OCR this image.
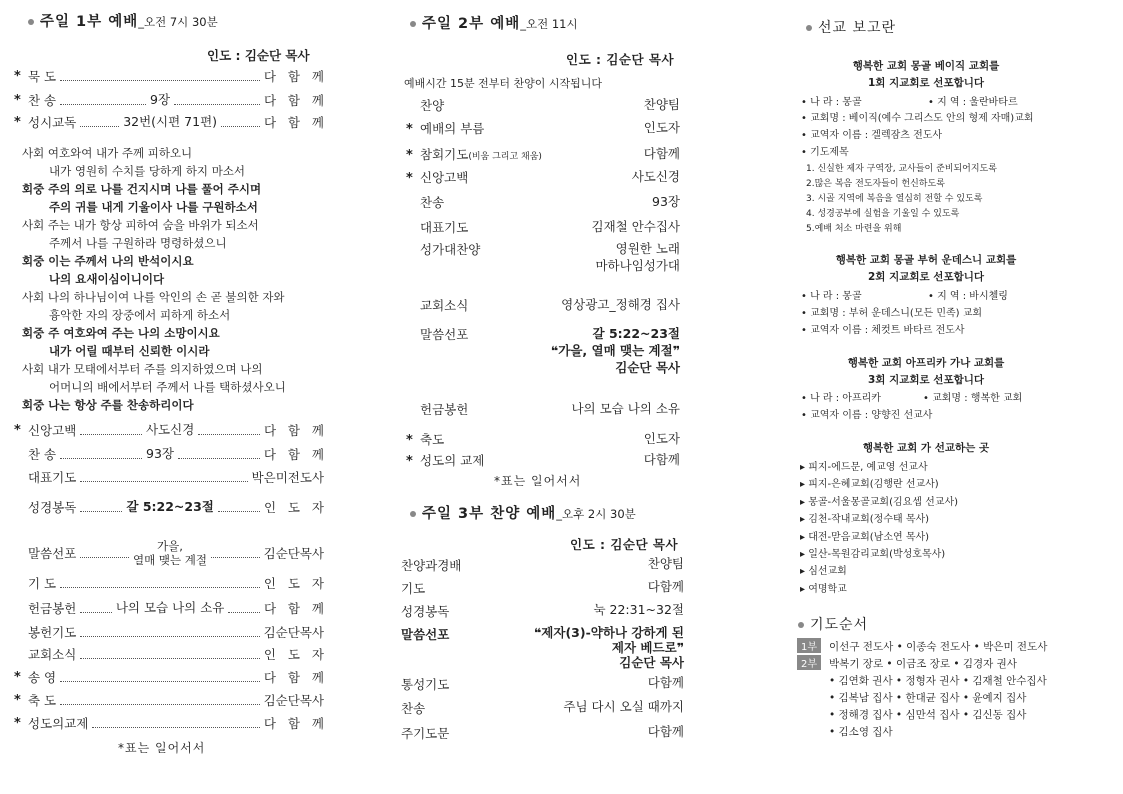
주일 1부 예배_오전 7시 30분
인도 : 김순단 목사
* 묵 도	다   함   께
* 찬 송	9장	다   함   께
* 성시교독	32번(시편 71편)	다   함   께
사회 여호와여 내가 주께 피하오니
내가 영원히 수치를 당하게 하지 마소서
회중 주의 의로 나를 건지시며 나를 풀어 주시며
주의 귀를 내게 기울이사 나를 구원하소서
사회 주는 내가 항상 피하여 숨을 바위가 되소서
주께서 나를 구원하라 명령하셨으니
회중 이는 주께서 나의 반석이시요
나의 요새이심이니이다
사회 나의 하나님이여 나를 악인의 손 곧 불의한 자와
흉악한 자의 장중에서 피하게 하소서
회중 주 여호와여 주는 나의 소망이시요
내가 어릴 때부터 신뢰한 이시라
사회 내가 모태에서부터 주를 의지하였으며 나의
어머니의 배에서부터 주께서 나를 택하셨사오니
회중 나는 항상 주를 찬송하리이다
* 신앙고백	사도신경	다   함   께
찬 송	93장	다   함   께
대표기도	박은미전도사
성경봉독	갈 5:22~23절	인   도   자
말씀선포	가을,
열매 맺는 계절	김순단목사
기 도	인   도   자
헌금봉헌	나의 모습 나의 소유	다   함   께
봉헌기도	김순단목사
교회소식	인   도   자
* 송 영	다   함   께
* 축 도	김순단목사
* 성도의교제	다   함   께
*표는 일어서서
주일 2부 예배_오전 11시
인도 : 김순단 목사
예배시간 15분 전부터 찬양이 시작됩니다
찬양	찬양팀
* 예배의 부름	인도자
* 참회기도(비움 그리고 채움)	다함께
* 신앙고백	사도신경
찬송	93장
대표기도	김재철 안수집사
성가대찬양	영원한 노래
마하나임성가대
교회소식	영상광고_정해경 집사
말씀선포	갈 5:22~23절
❝가을, 열매 맺는 계절❞
김순단 목사
헌금봉헌	나의 모습 나의 소유
* 축도	인도자
* 성도의 교제	다함께
*표는 일어서서
주일 3부 찬양 예배_오후 2시 30분
인도 : 김순단 목사
찬양과경배	찬양팀
기도	다함께
성경봉독	눅 22:31~32절
말씀선포	❝제자(3)-약하나 강하게 된
제자 베드로❞
김순단 목사
통성기도	다함께
찬송	주님 다시 오실 때까지
주기도문	다함께
선교 보고란
행복한 교회 몽골 베이직 교회를
1회 지교회로 선포합니다
• 나 라 : 몽골	• 지 역 : 울란바타르
• 교회명 : 베이직(예수 그리스도 안의 형제 자매)교회
• 교역자 이름 : 겔렉잠츠 전도사
• 기도제목
1. 신실한 제자 구역장, 교사들이 준비되어지도록
2.많은 복음 전도자들이 헌신하도록
3. 시골 지역에 복음을 열심히 전할 수 있도록
4. 성경공부에 실험을 기울일 수 있도록
5.예배 처소 마련을 위해
행복한 교회 몽골 부허 운데스니 교회를
2회 지교회로 선포합니다
• 나 라 : 몽골	• 지 역 : 바시첼링
• 교회명 : 부허 운데스니(모든 민족) 교회
• 교역자 이름 : 체컷트 바타르 전도사
행복한 교회 아프리카 가나 교회를
3회 지교회로 선포합니다
• 나 라 : 아프리카	• 교회명 : 행복한 교회
• 교역자 이름 : 양향진 선교사
행복한 교회 가 선교하는 곳
▸ 피지-에드문, 예교영 선교사
▸ 피지-은혜교회(김행란 선교사)
▸ 몽골-서울몽골교회(김요셉 선교사)
▸ 김천-작내교회(정수태 목사)
▸ 대전-맏음교회(남소연 목사)
▸ 일산-목원감리교회(박성호목사)
▸ 심선교회
▸ 여명학교
기도순서
1부 이선구 전도사 • 이종숙 전도사 • 박은미 전도사
2부 박복기 장로 • 이금조 장로 • 김경자 권사
• 김연화 권사 • 정형자 권사 • 김재철 안수집사
• 김복남 집사 • 한대균 집사 • 윤예지 집사
• 정해경 집사 • 심만석 집사 • 김신동 집사
• 김소영 집사
